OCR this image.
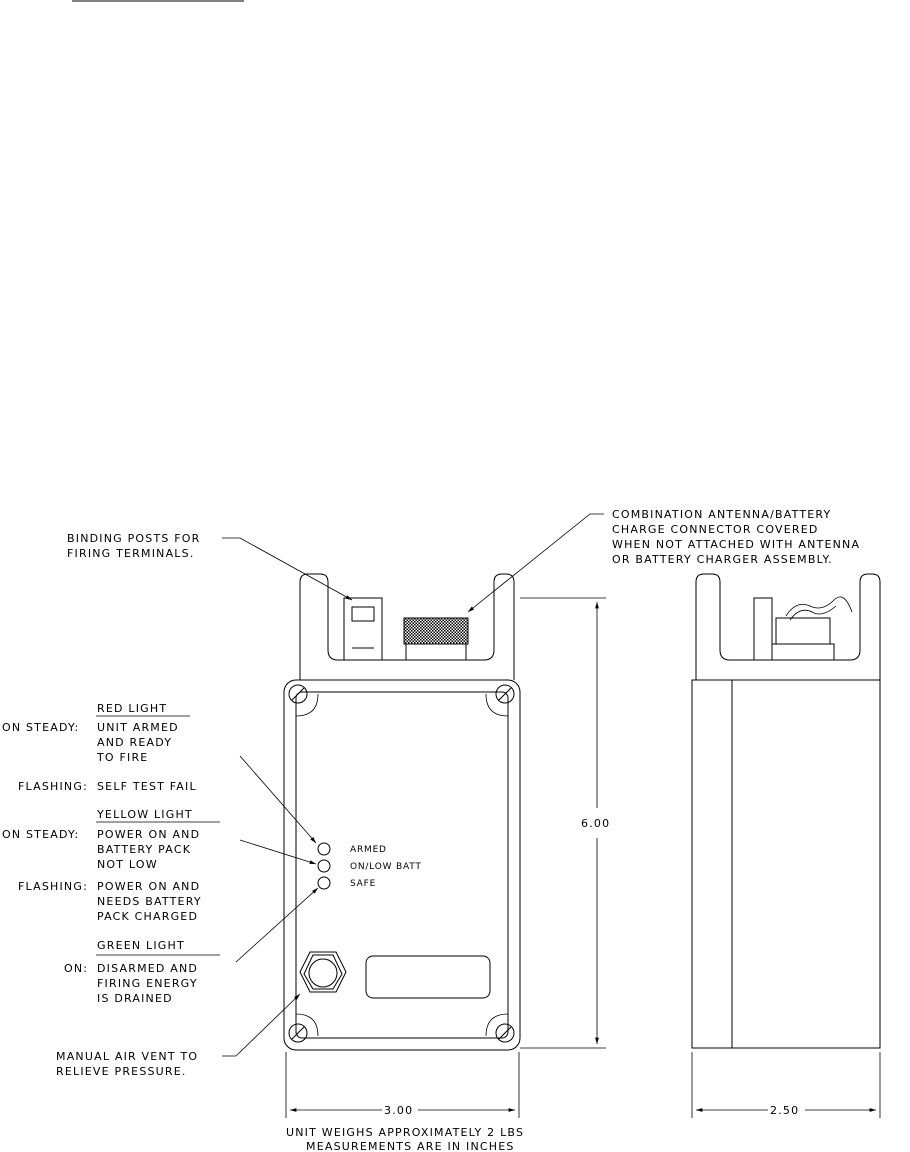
6.00
3.00	2.50
BINDING POSTS FOR FIRING TERMINALS.
COMBINATION ANTENNA/BATTERY CHARGE CONNECTOR COVERED WHEN NOT ATTACHED WITH ANTENNA OR BATTERY CHARGER ASSEMBLY.
MANUAL AIR VENT TO RELIEVE PRESSURE.
ARMED
ON/LOW BATT
SAFE
RED LIGHT
ON STEADY: UNIT ARMED AND READY TO FIRE
FLASHING: SELF TEST FAIL
YELLOW LIGHT
ON STEADY: POWER ON AND BATTERY PACK NOT LOW
FLASHING: POWER ON AND NEEDS BATTERY PACK CHARGED
GREEN LIGHT
ON: DISARMED AND FIRING ENERGY IS DRAINED
UNIT WEIGHS APPROXIMATELY 2 LBS
MEASUREMENTS ARE IN INCHES
